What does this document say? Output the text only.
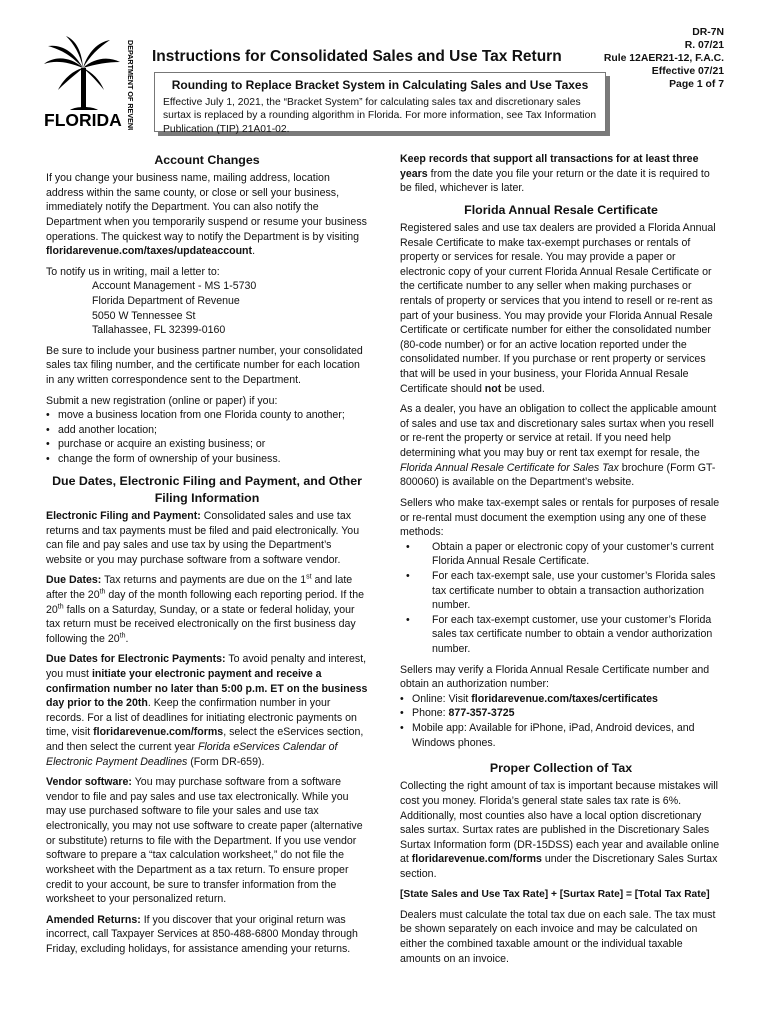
DEPARTMENT OF REVENUE
FLORIDA
Instructions for Consolidated Sales and Use Tax Return
DR-7N
R. 07/21
Rule 12AER21-12, F.A.C.
Effective 07/21
Page 1 of 7
Rounding to Replace Bracket System in Calculating Sales and Use Taxes
Effective July 1, 2021, the “Bracket System” for calculating sales tax and discretionary sales surtax is replaced by a rounding algorithm in Florida. For more information, see Tax Information Publication (TIP) 21A01-02.
Account Changes

If you change your business name, mailing address, location address within the same county, or close or sell your business, immediately notify the Department. You can also notify the Department when you temporarily suspend or resume your business operations. The quickest way to notify the Department is by visiting floridarevenue.com/taxes/updateaccount.

To notify us in writing, mail a letter to:

Account Management - MS 1-5730
Florida Department of Revenue
5050 W Tennessee St
Tallahassee, FL 32399-0160

Be sure to include your business partner number, your consolidated sales tax filing number, and the certificate number for each location in any written correspondence sent to the Department.

Submit a new registration (online or paper) if you:

• move a business location from one Florida county to another;
• add another location;
• purchase or acquire an existing business; or
• change the form of ownership of your business.
Due Dates, Electronic Filing and Payment, and Other Filing Information

Electronic Filing and Payment: Consolidated sales and use tax returns and tax payments must be filed and paid electronically. You can file and pay sales and use tax by using the Department’s website or you may purchase software from a software vendor.

Due Dates: Tax returns and payments are due on the 1st and late after the 20th day of the month following each reporting period. If the 20th falls on a Saturday, Sunday, or a state or federal holiday, your tax return must be received electronically on the first business day following the 20th.

Due Dates for Electronic Payments: To avoid penalty and interest, you must initiate your electronic payment and receive a confirmation number no later than 5:00 p.m. ET on the business day prior to the 20th. Keep the confirmation number in your records. For a list of deadlines for initiating electronic payments on time, visit floridarevenue.com/forms, select the eServices section, and then select the current year Florida eServices Calendar of Electronic Payment Deadlines (Form DR-659).

Vendor software: You may purchase software from a software vendor to file and pay sales and use tax electronically. While you may use purchased software to file your sales and use tax electronically, you may not use software to create paper (alternative or substitute) returns to file with the Department. If you use vendor software to prepare a “tax calculation worksheet,” do not file the worksheet with the Department as a tax return. To ensure proper credit to your account, be sure to transfer information from the worksheet to your personalized return.

Amended Returns: If you discover that your original return was incorrect, call Taxpayer Services at 850-488-6800 Monday through Friday, excluding holidays, for assistance amending your returns.

Keep records that support all transactions for at least three years from the date you file your return or the date it is required to be filed, whichever is later.

Florida Annual Resale Certificate

Registered sales and use tax dealers are provided a Florida Annual Resale Certificate to make tax-exempt purchases or rentals of property or services for resale. You may provide a paper or electronic copy of your current Florida Annual Resale Certificate or the certificate number to any seller when making purchases or rentals of property or services that you intend to resell or re-rent as part of your business. You may provide your Florida Annual Resale Certificate or certificate number for either the consolidated number (80-code number) or for an active location reported under the consolidated number. If you purchase or rent property or services that will be used in your business, your Florida Annual Resale Certificate should not be used.

As a dealer, you have an obligation to collect the applicable amount of sales and use tax and discretionary sales surtax when you resell or re-rent the property or service at retail. If you need help determining what you may buy or rent tax exempt for resale, the Florida Annual Resale Certificate for Sales Tax brochure (Form GT-800060) is available on the Department’s website.

Sellers who make tax-exempt sales or rentals for purposes of resale or re-rental must document the exemption using any one of these methods:

• Obtain a paper or electronic copy of your customer’s current Florida Annual Resale Certificate.
• For each tax-exempt sale, use your customer’s Florida sales tax certificate number to obtain a transaction authorization number.
• For each tax-exempt customer, use your customer’s Florida sales tax certificate number to obtain a vendor authorization number.

Sellers may verify a Florida Annual Resale Certificate number and obtain an authorization number:

• Online: Visit floridarevenue.com/taxes/certificates
• Phone: 877-357-3725
• Mobile app: Available for iPhone, iPad, Android devices, and Windows phones.
Proper Collection of Tax

Collecting the right amount of tax is important because mistakes will cost you money. Florida’s general state sales tax rate is 6%. Additionally, most counties also have a local option discretionary sales surtax. Surtax rates are published in the Discretionary Sales Surtax Information form (DR-15DSS) each year and available online at floridarevenue.com/forms under the Discretionary Sales Surtax section.

[State Sales and Use Tax Rate] + [Surtax Rate] = [Total Tax Rate]

Dealers must calculate the total tax due on each sale. The tax must be shown separately on each invoice and may be calculated on either the combined taxable amount or the individual taxable amounts on an invoice.
